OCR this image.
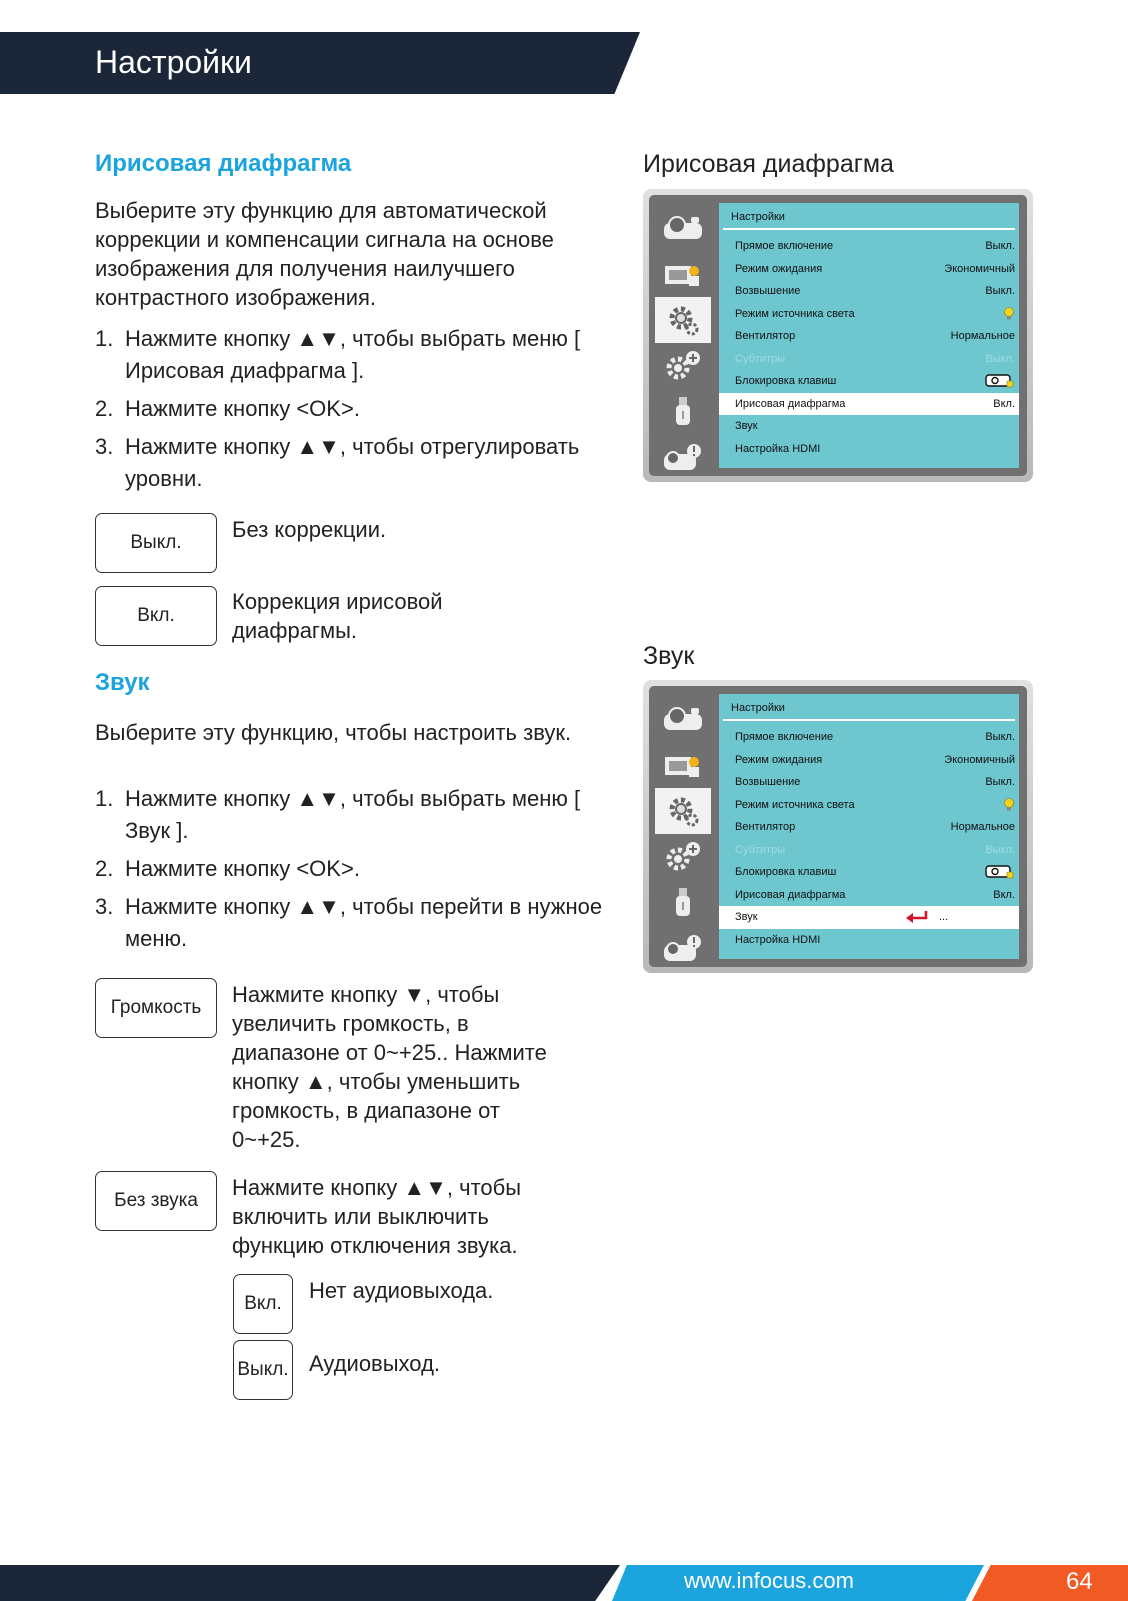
Настройки
Ирисовая диафрагма
Выберите эту функцию для автоматической коррекции и компенсации сигнала на основе изображения для получения наилучшего контрастного изображения.
1. Нажмите кнопку ▲▼, чтобы выбрать меню [ Ирисовая диафрагма ].
2. Нажмите кнопку <OK>.
3. Нажмите кнопку ▲▼, чтобы отрегулировать уровни.
Выкл.
Без коррекции.
Вкл.
Коррекция ирисовой диафрагмы.
Звук
Выберите эту функцию, чтобы настроить звук.
1. Нажмите кнопку ▲▼, чтобы выбрать меню [ Звук ].
2. Нажмите кнопку <OK>.
3. Нажмите кнопку ▲▼, чтобы перейти в нужное меню.
Громкость
Нажмите кнопку ▼, чтобы увеличить громкость, в диапазоне от 0~+25.. Нажмите кнопку ▲, чтобы уменьшить громкость, в диапазоне от 0~+25.
Без звука
Нажмите кнопку ▲▼, чтобы включить или выключить функцию отключения звука.
Вкл.
Нет аудиовыхода.
Выкл. Аудиовыход.
Ирисовая диафрагма
Звук
Настройки
Прямое включение	Выкл.
Режим ожидания	Экономичный
Возвышение	Выкл.
Режим источника света
Вентилятор	Нормальное
Субтитры	Выкл.
Блокировка клавиш
Ирисовая диафрагма	Вкл.
Звук
Настройка HDMI
Настройки
Прямое включение	Выкл.
Режим ожидания	Экономичный
Возвышение	Выкл.
Режим источника света
Вентилятор	Нормальное
Субтитры	Выкл.
Блокировка клавиш
Ирисовая диафрагма	Вкл.
Звук	...
Настройка HDMI
www.infocus.com	64
